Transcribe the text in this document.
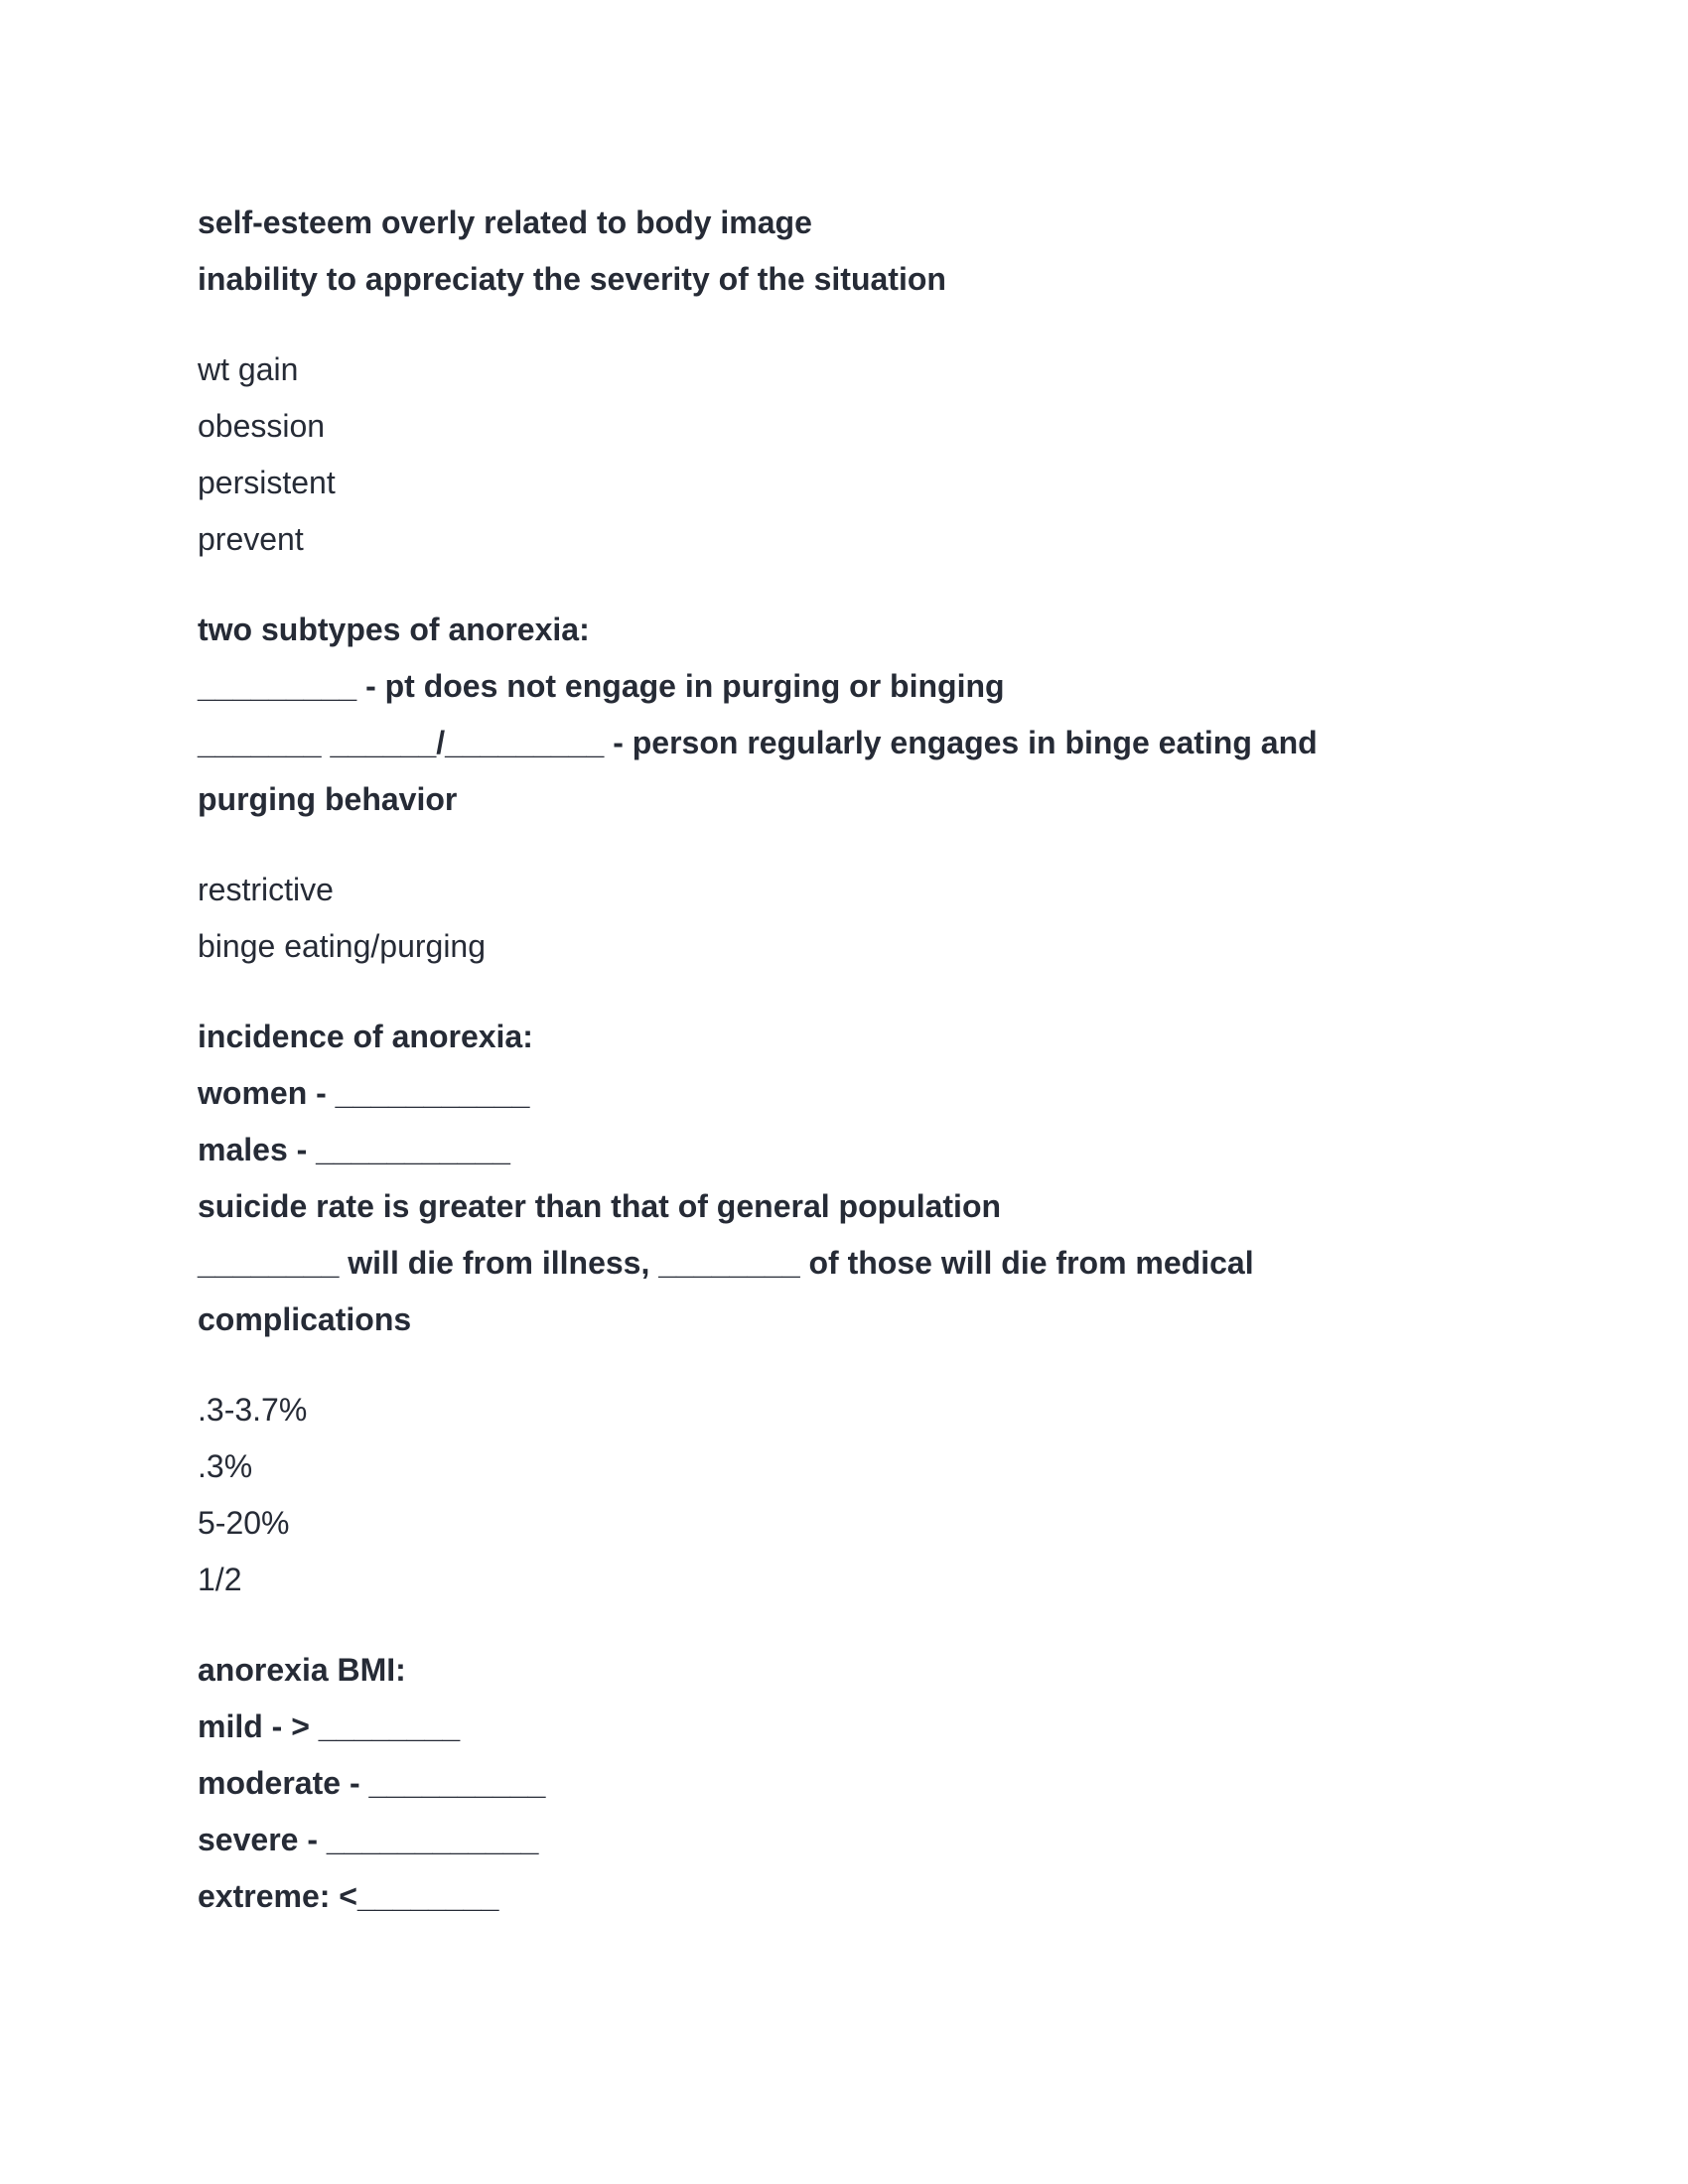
self-esteem overly related to body image

inability to appreciaty the severity of the situation

wt gain

obession

persistent

prevent

two subtypes of anorexia:

_________ - pt does not engage in purging or binging

_______ ______/_________ - person regularly engages in binge eating and

purging behavior

restrictive

binge eating/purging

incidence of anorexia:

women - ___________

males - ___________

suicide rate is greater than that of general population

________ will die from illness, ________ of those will die from medical

complications

.3-3.7%

.3%

5-20%

1/2

anorexia BMI:

mild - > ________

moderate - __________

severe - ____________

extreme: <________
